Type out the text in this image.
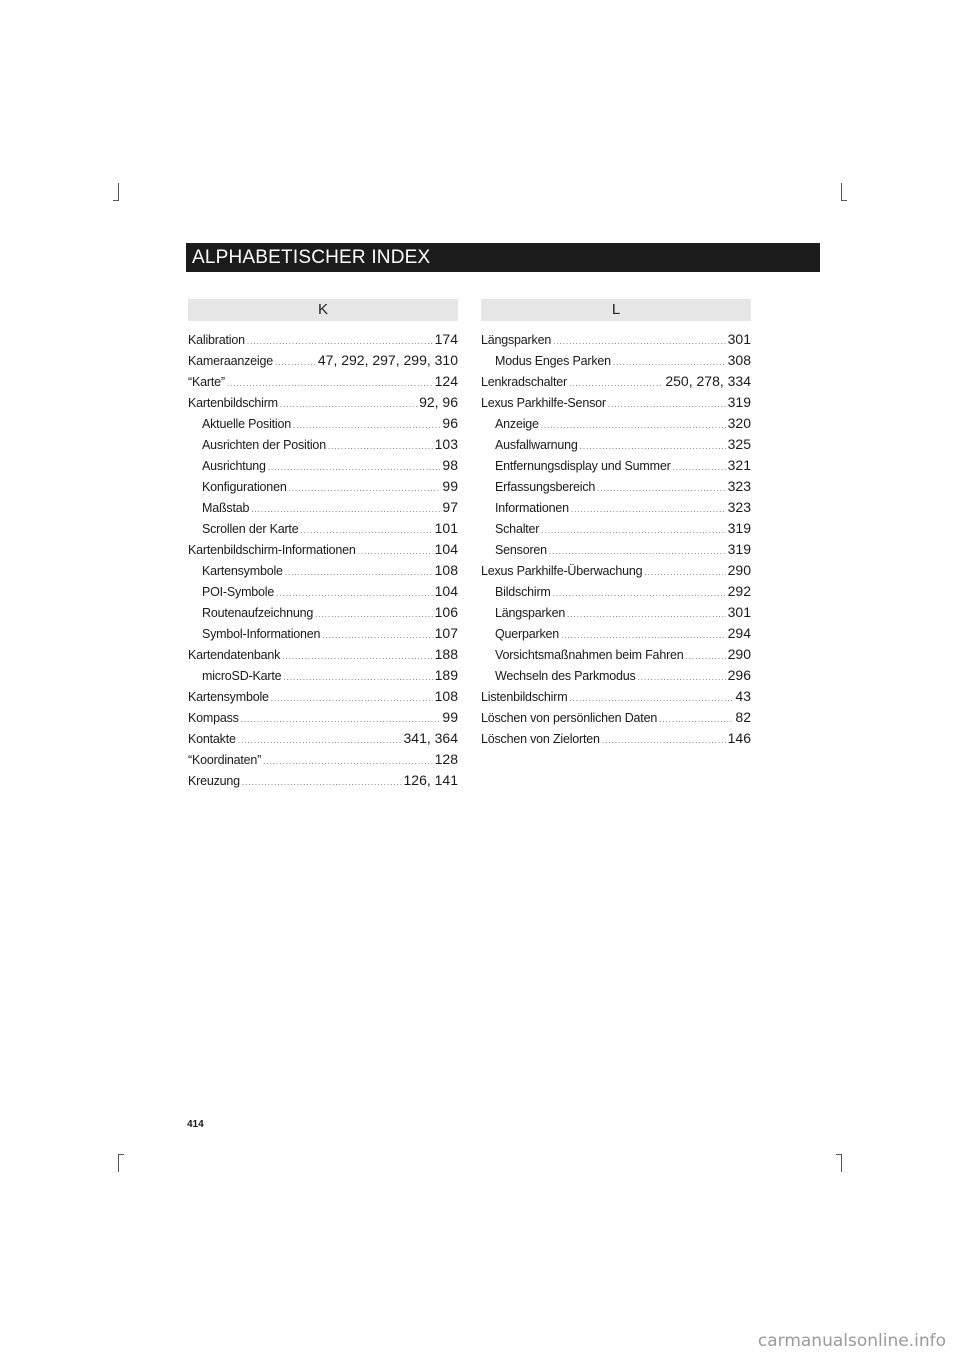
ALPHABETISCHER INDEX
K
Kalibration .....	174
Kameraanzeige .....	47, 292, 297, 299, 310
“Karte” .....	124
Kartenbildschirm .....	92, 96
Aktuelle Position .....	96
Ausrichten der Position .....	103
Ausrichtung .....	98
Konfigurationen .....	99
Maßstab .....	97
Scrollen der Karte .....	101
Kartenbildschirm-Informationen .....	104
Kartensymbole .....	108
POI-Symbole .....	104
Routenaufzeichnung .....	106
Symbol-Informationen .....	107
Kartendatenbank .....	188
microSD-Karte .....	189
Kartensymbole .....	108
Kompass .....	99
Kontakte .....	341, 364
“Koordinaten” .....	128
Kreuzung .....	126, 141
L
Längsparken .....	301
Modus Enges Parken .....	308
Lenkradschalter .....	250, 278, 334
Lexus Parkhilfe-Sensor .....	319
Anzeige .....	320
Ausfallwarnung .....	325
Entfernungsdisplay und Summer .....	321
Erfassungsbereich .....	323
Informationen .....	323
Schalter .....	319
Sensoren .....	319
Lexus Parkhilfe-Überwachung .....	290
Bildschirm .....	292
Längsparken .....	301
Querparken .....	294
Vorsichtsmaßnahmen beim Fahren .....	290
Wechseln des Parkmodus .....	296
Listenbildschirm .....	43
Löschen von persönlichen Daten .....	82
Löschen von Zielorten .....	146
414
carmanualsonline.info
